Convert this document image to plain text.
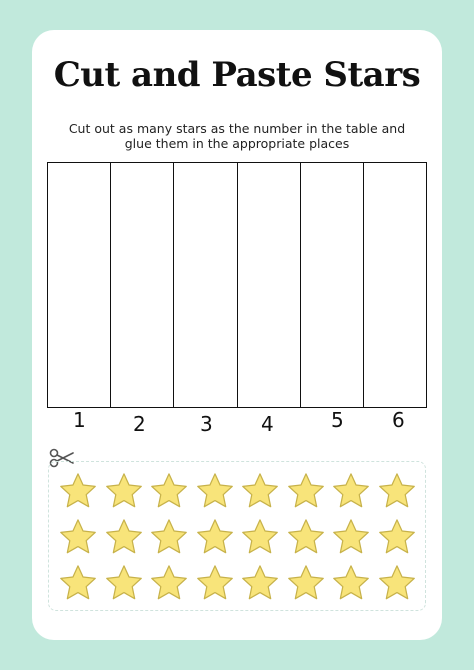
Cut and Paste Stars
Cut out as many stars as the number in the table and glue them in the appropriate places
1 2	3 4	5 6
